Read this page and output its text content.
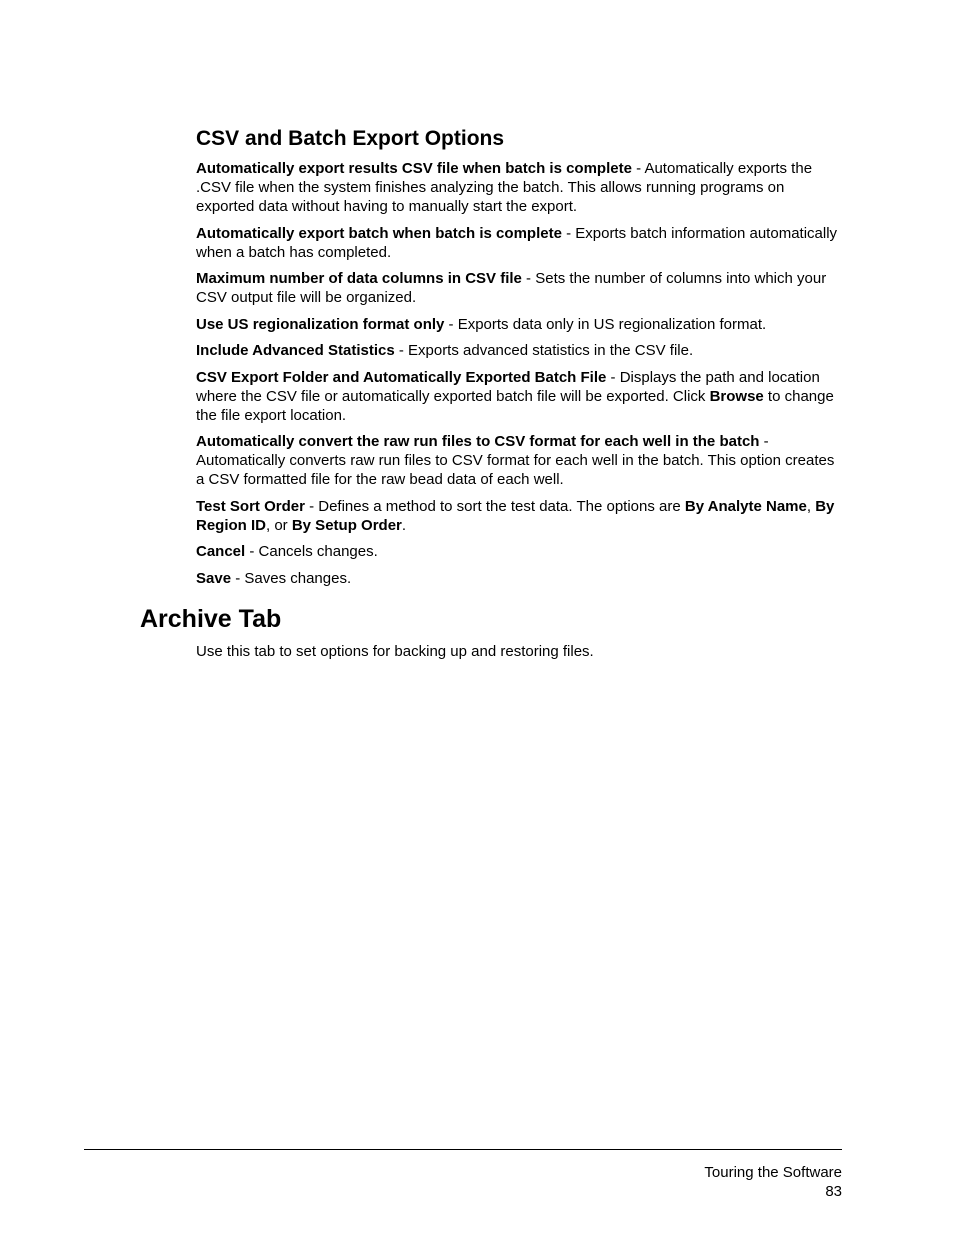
CSV and Batch Export Options

Automatically export results CSV file when batch is complete - Automatically exports the .CSV file when the system finishes analyzing the batch. This allows running programs on exported data without having to manually start the export.

Automatically export batch when batch is complete - Exports batch information automatically when a batch has completed.

Maximum number of data columns in CSV file - Sets the number of columns into which your CSV output file will be organized.

Use US regionalization format only - Exports data only in US regionalization format.

Include Advanced Statistics - Exports advanced statistics in the CSV file.

CSV Export Folder and Automatically Exported Batch File - Displays the path and location where the CSV file or automatically exported batch file will be exported. Click Browse to change the file export location.

Automatically convert the raw run files to CSV format for each well in the batch - Automatically converts raw run files to CSV format for each well in the batch. This option creates a CSV formatted file for the raw bead data of each well.

Test Sort Order - Defines a method to sort the test data. The options are By Analyte Name, By Region ID, or By Setup Order.

Cancel - Cancels changes.

Save - Saves changes.

Archive Tab

Use this tab to set options for backing up and restoring files.

Touring the Software
83
